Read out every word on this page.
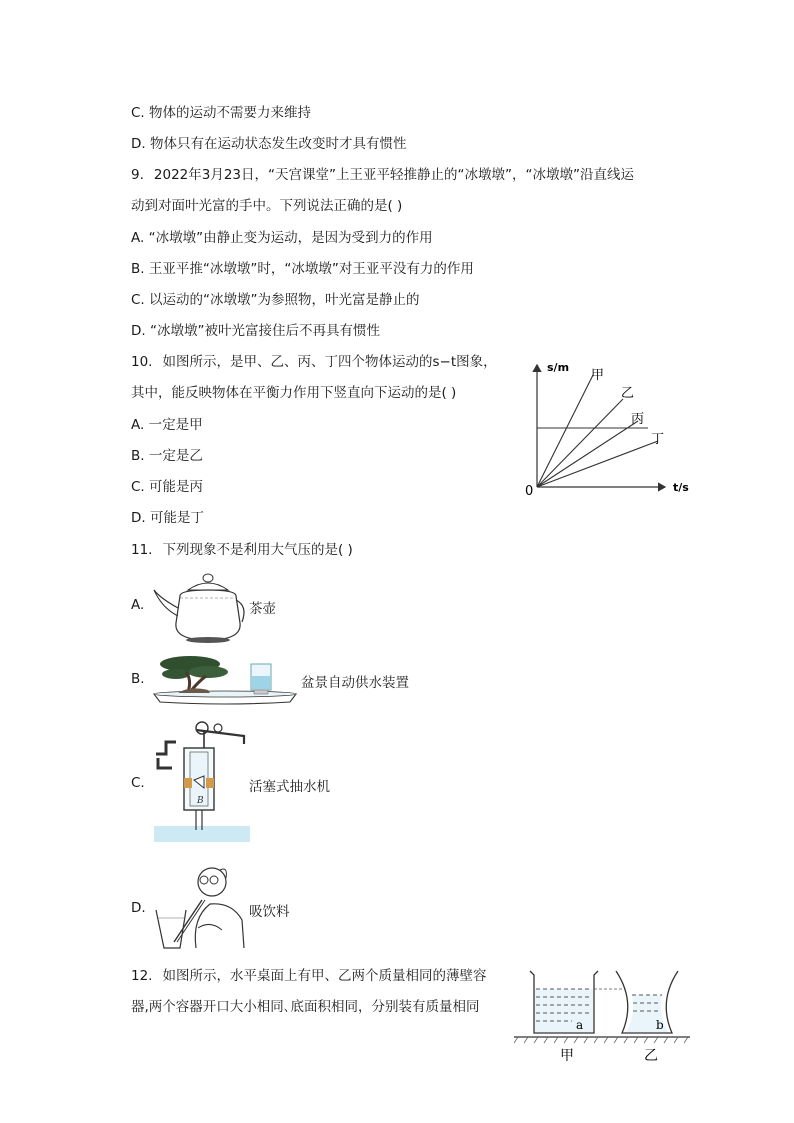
C. 物体的运动不需要力来维持
D. 物体只有在运动状态发生改变时才具有惯性
9. 2022年3月23日，“天宫课堂”上王亚平轻推静止的“冰墩墩”，“冰墩墩”沿直线运
动到对面叶光富的手中。下列说法正确的是( )
A. “冰墩墩”由静止变为运动，是因为受到力的作用
B. 王亚平推“冰墩墩”时，“冰墩墩”对王亚平没有力的作用
C. 以运动的“冰墩墩”为参照物，叶光富是静止的
D. “冰墩墩”被叶光富接住后不再具有惯性
10. 如图所示，是甲、乙、丙、丁四个物体运动的s−t图象，
其中，能反映物体在平衡力作用下竖直向下运动的是( )
A. 一定是甲
B. 一定是乙
C. 可能是丙
D. 可能是丁
s/m
t/s
0
甲
乙
丙
丁
11. 下列现象不是利用大气压的是( )
A.	茶壶
B.	盆景自动供水装置
C.
B
活塞式抽水机
D.	吸饮料
12. 如图所示，水平桌面上有甲、乙两个质量相同的薄壁容
器,两个容器开口大小相同､底面积相同，分别装有质量相同
a	b
甲	乙
